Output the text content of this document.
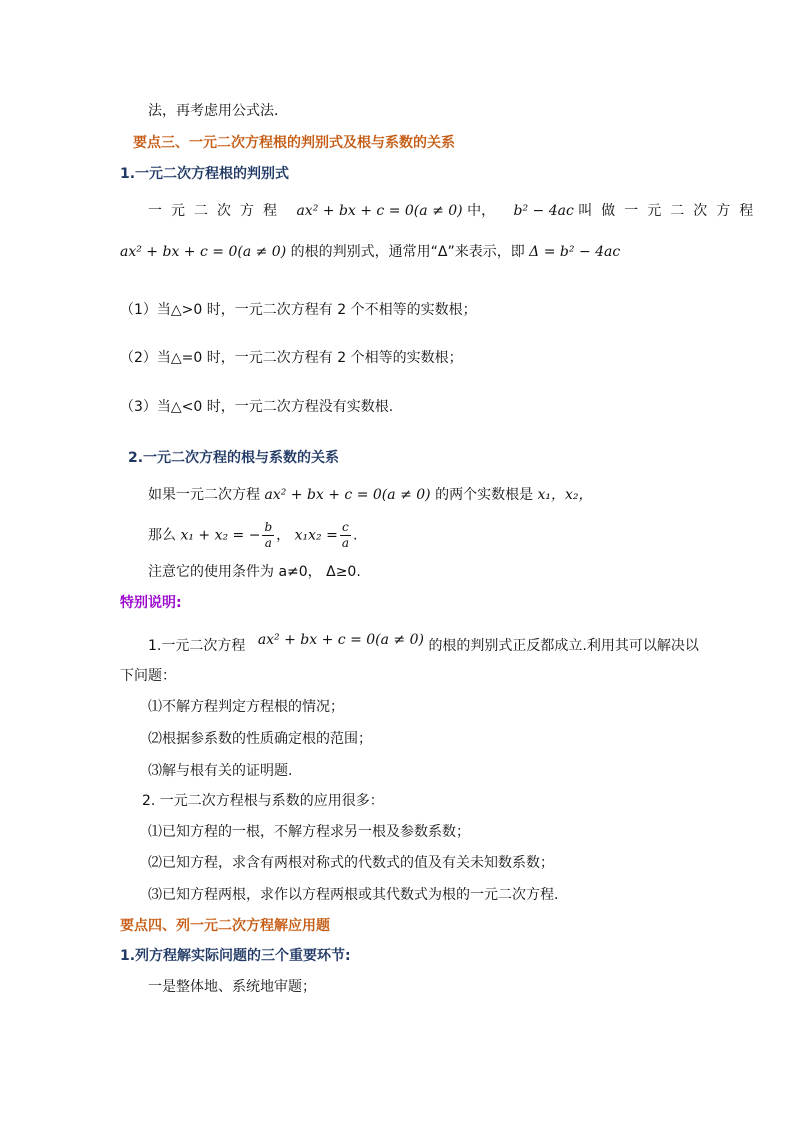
法，再考虑用公式法．
要点三、一元二次方程根的判别式及根与系数的关系
1.一元二次方程根的判别式
一元二次方程 ax² + bx + c = 0(a ≠ 0) 中， b² − 4ac 叫做一元二次方程
ax² + bx + c = 0(a ≠ 0) 的根的判别式，通常用“Δ”来表示，即 Δ = b² − 4ac
（1）当△>0 时，一元二次方程有 2 个不相等的实数根；
（2）当△=0 时，一元二次方程有 2 个相等的实数根；
（3）当△<0 时，一元二次方程没有实数根.
2.一元二次方程的根与系数的关系
如果一元二次方程 ax² + bx + c = 0(a ≠ 0) 的两个实数根是 x₁，x₂，
那么 x₁ + x₂ = − $\frac{b}{a}$ ， $x_1x_2 = \frac{c}{a}$ .
注意它的使用条件为 a≠0， Δ≥0.
特别说明:
1.一元二次方程 ax² + bx + c = 0(a ≠ 0) 的根的判别式正反都成立.利用其可以解决以
下问题：
⑴不解方程判定方程根的情况；
⑵根据参系数的性质确定根的范围；
⑶解与根有关的证明题.
2. 一元二次方程根与系数的应用很多：
⑴已知方程的一根，不解方程求另一根及参数系数；
⑵已知方程，求含有两根对称式的代数式的值及有关未知数系数；
⑶已知方程两根，求作以方程两根或其代数式为根的一元二次方程.
要点四、列一元二次方程解应用题
1.列方程解实际问题的三个重要环节:
一是整体地、系统地审题；
